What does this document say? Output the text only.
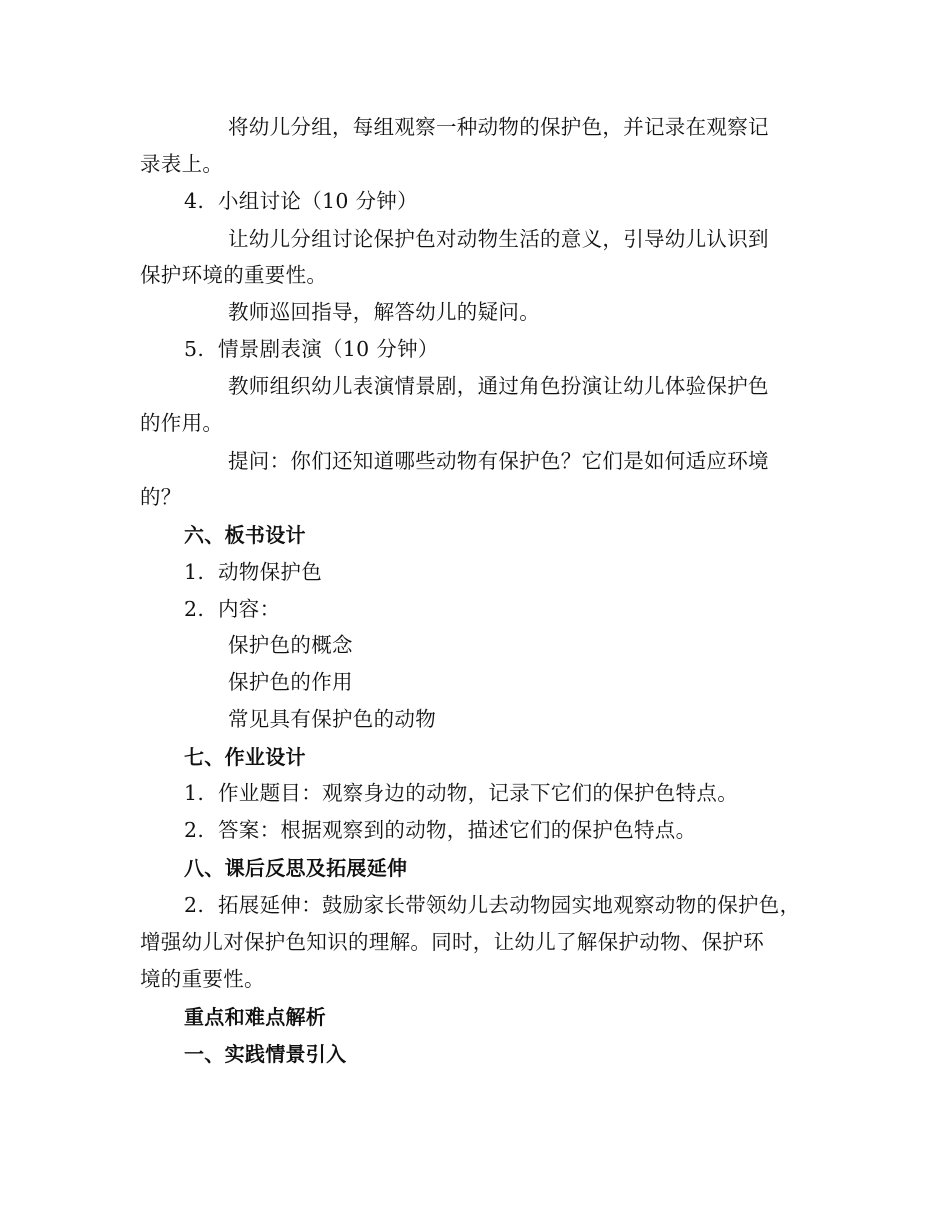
将幼儿分组，每组观察一种动物的保护色，并记录在观察记
录表上。
4. 小组讨论（10 分钟）
让幼儿分组讨论保护色对动物生活的意义，引导幼儿认识到
保护环境的重要性。
教师巡回指导，解答幼儿的疑问。
5. 情景剧表演（10 分钟）
教师组织幼儿表演情景剧，通过角色扮演让幼儿体验保护色
的作用。
提问：你们还知道哪些动物有保护色？它们是如何适应环境
的？
六、板书设计
1. 动物保护色
2. 内容：
保护色的概念
保护色的作用
常见具有保护色的动物
七、作业设计
1. 作业题目：观察身边的动物，记录下它们的保护色特点。
2. 答案：根据观察到的动物，描述它们的保护色特点。
八、课后反思及拓展延伸
2. 拓展延伸：鼓励家长带领幼儿去动物园实地观察动物的保护色，
增强幼儿对保护色知识的理解。同时，让幼儿了解保护动物、保护环
境的重要性。
重点和难点解析
一、实践情景引入
